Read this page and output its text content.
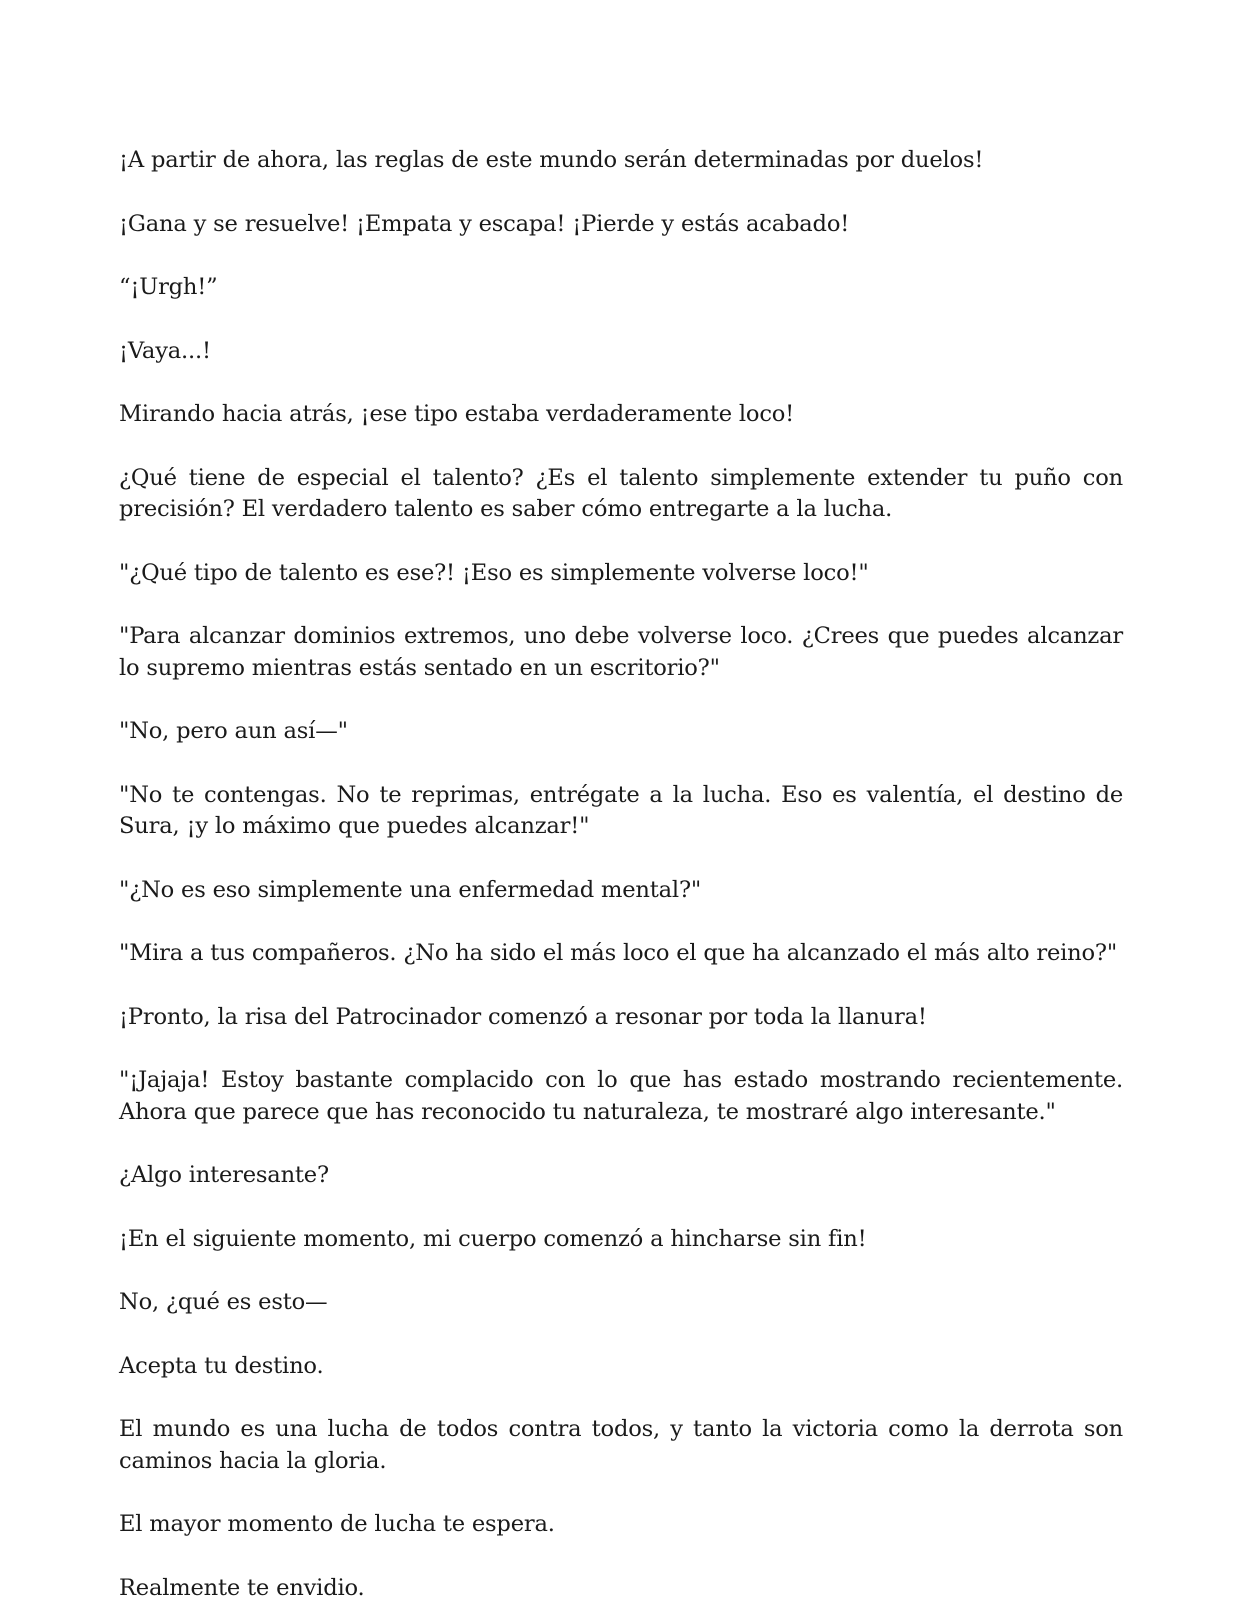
¡A partir de ahora, las reglas de este mundo serán determinadas por duelos!

¡Gana y se resuelve! ¡Empata y escapa! ¡Pierde y estás acabado!

“¡Urgh!”

¡Vaya...!

Mirando hacia atrás, ¡ese tipo estaba verdaderamente loco!

¿Qué tiene de especial el talento? ¿Es el talento simplemente extender tu puño con precisión? El verdadero talento es saber cómo entregarte a la lucha.

"¿Qué tipo de talento es ese?! ¡Eso es simplemente volverse loco!"

"Para alcanzar dominios extremos, uno debe volverse loco. ¿Crees que puedes alcanzar lo supremo mientras estás sentado en un escritorio?"

"No, pero aun así—"

"No te contengas. No te reprimas, entrégate a la lucha. Eso es valentía, el destino de Sura, ¡y lo máximo que puedes alcanzar!"

"¿No es eso simplemente una enfermedad mental?"

"Mira a tus compañeros. ¿No ha sido el más loco el que ha alcanzado el más alto reino?"

¡Pronto, la risa del Patrocinador comenzó a resonar por toda la llanura!

"¡Jajaja! Estoy bastante complacido con lo que has estado mostrando recientemente. Ahora que parece que has reconocido tu naturaleza, te mostraré algo interesante."

¿Algo interesante?

¡En el siguiente momento, mi cuerpo comenzó a hincharse sin fin!

No, ¿qué es esto—

Acepta tu destino.

El mundo es una lucha de todos contra todos, y tanto la victoria como la derrota son caminos hacia la gloria.

El mayor momento de lucha te espera.

Realmente te envidio.
